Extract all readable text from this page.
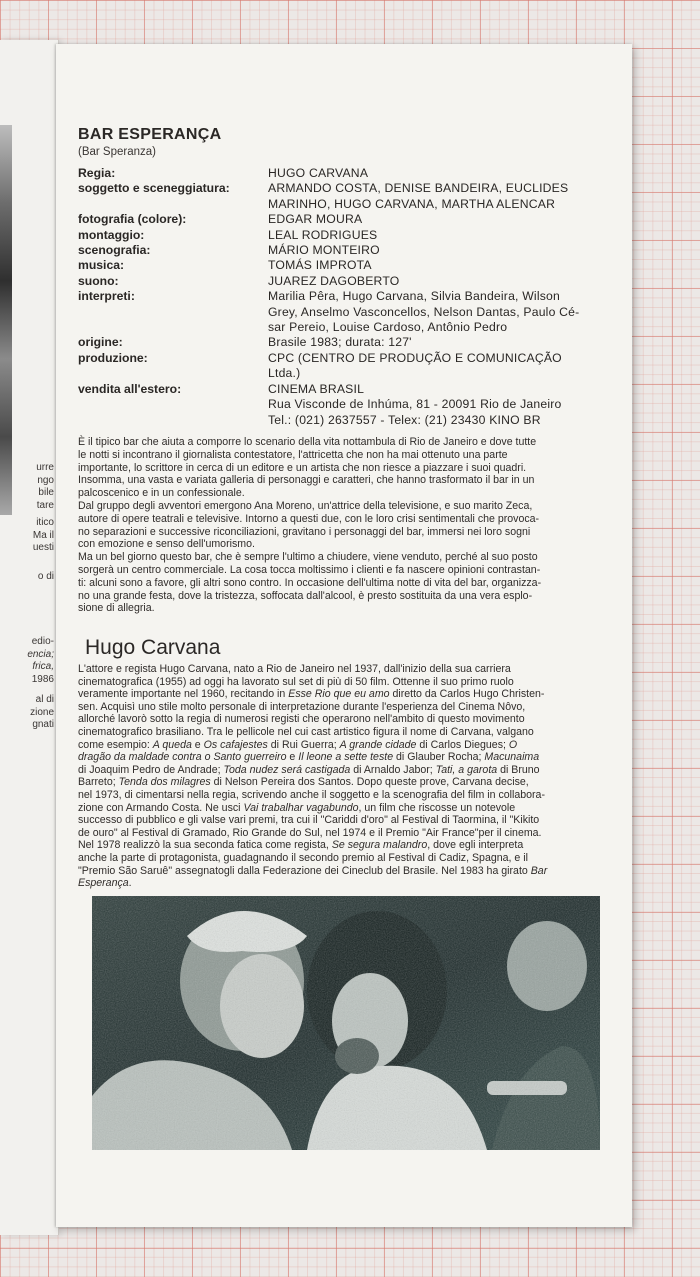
urre
ngo
bile
tare
itico
Ma il
uesti
o di
edio-
encia;
frica,
1986
al di
zione
gnati
BAR ESPERANÇA
(Bar Speranza)
Regia:	HUGO CARVANA
soggetto e sceneggiatura:	ARMANDO COSTA, DENISE BANDEIRA, EUCLIDES
MARINHO, HUGO CARVANA, MARTHA ALENCAR
fotografia (colore):	EDGAR MOURA
montaggio:	LEAL RODRIGUES
scenografia:	MÁRIO MONTEIRO
musica:	TOMÁS IMPROTA
suono:	JUAREZ DAGOBERTO
interpreti:	Marilia Pêra, Hugo Carvana, Silvia Bandeira, Wilson
Grey, Anselmo Vasconcellos, Nelson Dantas, Paulo Cé-
sar Pereio, Louise Cardoso, Antônio Pedro
origine:	Brasile 1983; durata: 127'
produzione:	CPC (CENTRO DE PRODUÇÃO E COMUNICAÇÃO
Ltda.)
vendita all'estero:	CINEMA BRASIL
Rua Visconde de Inhúma, 81 - 20091 Rio de Janeiro
Tel.: (021) 2637557 - Telex: (21) 23430 KINO BR
È il tipico bar che aiuta a comporre lo scenario della vita nottambula di Rio de Janeiro e dove tutte
le notti si incontrano il giornalista contestatore, l'attricetta che non ha mai ottenuto una parte
importante, lo scrittore in cerca di un editore e un artista che non riesce a piazzare i suoi quadri.
Insomma, una vasta e variata galleria di personaggi e caratteri, che hanno trasformato il bar in un
palcoscenico e in un confessionale.
Dal gruppo degli avventori emergono Ana Moreno, un'attrice della televisione, e suo marito Zeca,
autore di opere teatrali e televisive. Intorno a questi due, con le loro crisi sentimentali che provoca-
no separazioni e successive riconciliazioni, gravitano i personaggi del bar, immersi nei loro sogni
con emozione e senso dell'umorismo.
Ma un bel giorno questo bar, che è sempre l'ultimo a chiudere, viene venduto, perché al suo posto
sorgerà un centro commerciale. La cosa tocca moltissimo i clienti e fa nascere opinioni contrastan-
ti: alcuni sono a favore, gli altri sono contro. In occasione dell'ultima notte di vita del bar, organizza-
no una grande festa, dove la tristezza, soffocata dall'alcool, è presto sostituita da una vera esplo-
sione di allegria.
Hugo Carvana
L'attore e regista Hugo Carvana, nato a Rio de Janeiro nel 1937, dall'inizio della sua carriera
cinematografica (1955) ad oggi ha lavorato sul set di più di 50 film. Ottenne il suo primo ruolo
veramente importante nel 1960, recitando in Esse Rio que eu amo diretto da Carlos Hugo Christen-
sen. Acquisì uno stile molto personale di interpretazione durante l'esperienza del Cinema Nôvo,
allorché lavorò sotto la regia di numerosi registi che operarono nell'ambito di questo movimento
cinematografico brasiliano. Tra le pellicole nel cui cast artistico figura il nome di Carvana, valgano
come esempio: A queda e Os cafajestes di Rui Guerra; A grande cidade di Carlos Diegues; O
dragão da maldade contra o Santo guerreiro e Il leone a sette teste di Glauber Rocha; Macunaima
di Joaquim Pedro de Andrade; Toda nudez será castigada di Arnaldo Jabor; Tati, a garota di Bruno
Barreto; Tenda dos milagres di Nelson Pereira dos Santos. Dopo queste prove, Carvana decise,
nel 1973, di cimentarsi nella regia, scrivendo anche il soggetto e la scenografia del film in collabora-
zione con Armando Costa. Ne usci Vai trabalhar vagabundo, un film che riscosse un notevole
successo di pubblico e gli valse vari premi, tra cui il "Cariddi d'oro" al Festival di Taormina, il "Kikito
de ouro" al Festival di Gramado, Rio Grande do Sul, nel 1974 e il Premio "Air France"per il cinema.
Nel 1978 realizzò la sua seconda fatica come regista, Se segura malandro, dove egli interpreta
anche la parte di protagonista, guadagnando il secondo premio al Festival di Cadiz, Spagna, e il
"Premio São Saruê" assegnatogli dalla Federazione dei Cineclub del Brasile. Nel 1983 ha girato Bar
Esperança.
